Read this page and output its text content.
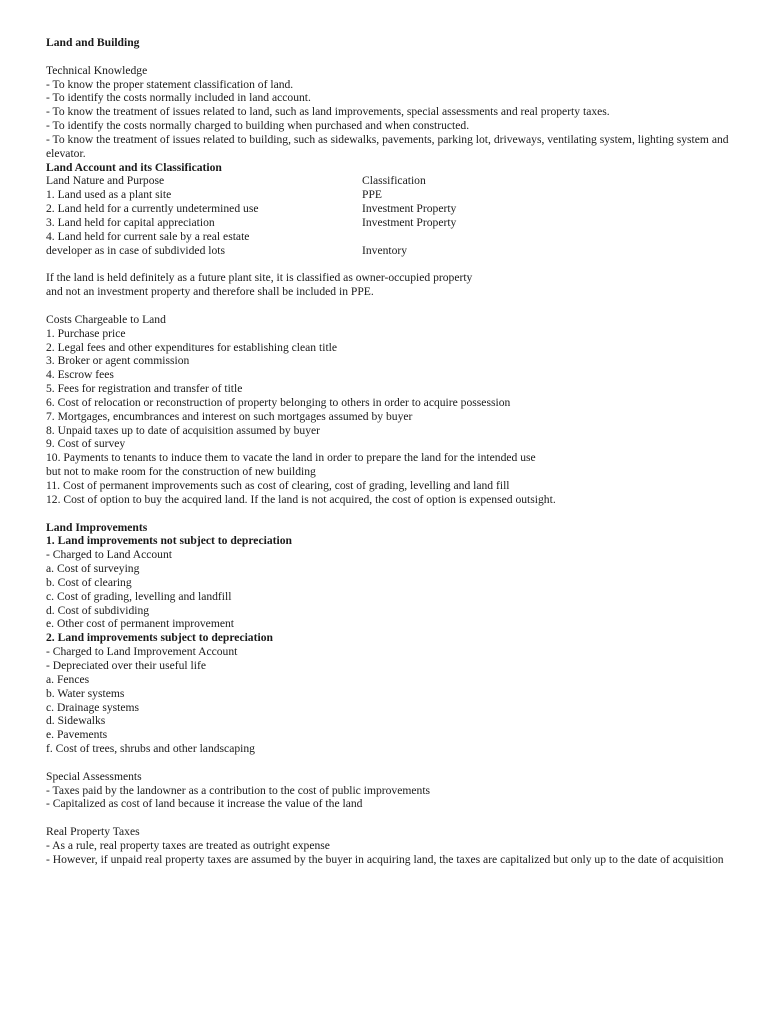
Land and Building
Technical Knowledge
- To know the proper statement classification of land.
- To identify the costs normally included in land account.
- To know the treatment of issues related to land, such as land improvements, special assessments and real property taxes.
- To identify the costs normally charged to building when purchased and when constructed.
- To know the treatment of issues related to building, such as sidewalks, pavements, parking lot, driveways, ventilating system, lighting system and elevator.
Land Account and its Classification
Land Nature and Purpose	Classification
1. Land used as a plant site	PPE
2. Land held for a currently undetermined use	Investment Property
3. Land held for capital appreciation	Investment Property
4. Land held for current sale by a real estate
developer as in case of subdivided lots	Inventory
If the land is held definitely as a future plant site, it is classified as owner-occupied property
and not an investment property and therefore shall be included in PPE.
Costs Chargeable to Land
1. Purchase price
2. Legal fees and other expenditures for establishing clean title
3. Broker or agent commission
4. Escrow fees
5. Fees for registration and transfer of title
6. Cost of relocation or reconstruction of property belonging to others in order to acquire possession
7. Mortgages, encumbrances and interest on such mortgages assumed by buyer
8. Unpaid taxes up to date of acquisition assumed by buyer
9. Cost of survey
10. Payments to tenants to induce them to vacate the land in order to prepare the land for the intended use
but not to make room for the construction of new building
11. Cost of permanent improvements such as cost of clearing, cost of grading, levelling and land fill
12. Cost of option to buy the acquired land. If the land is not acquired, the cost of option is expensed outsight.
Land Improvements
1. Land improvements not subject to depreciation
- Charged to Land Account
a. Cost of surveying
b. Cost of clearing
c. Cost of grading, levelling and landfill
d. Cost of subdividing
e. Other cost of permanent improvement
2. Land improvements subject to depreciation
- Charged to Land Improvement Account
- Depreciated over their useful life
a. Fences
b. Water systems
c. Drainage systems
d. Sidewalks
e. Pavements
f. Cost of trees, shrubs and other landscaping
Special Assessments
- Taxes paid by the landowner as a contribution to the cost of public improvements
- Capitalized as cost of land because it increase the value of the land
Real Property Taxes
- As a rule, real property taxes are treated as outright expense
- However, if unpaid real property taxes are assumed by the buyer in acquiring land, the taxes are capitalized but only up to the date of acquisition
